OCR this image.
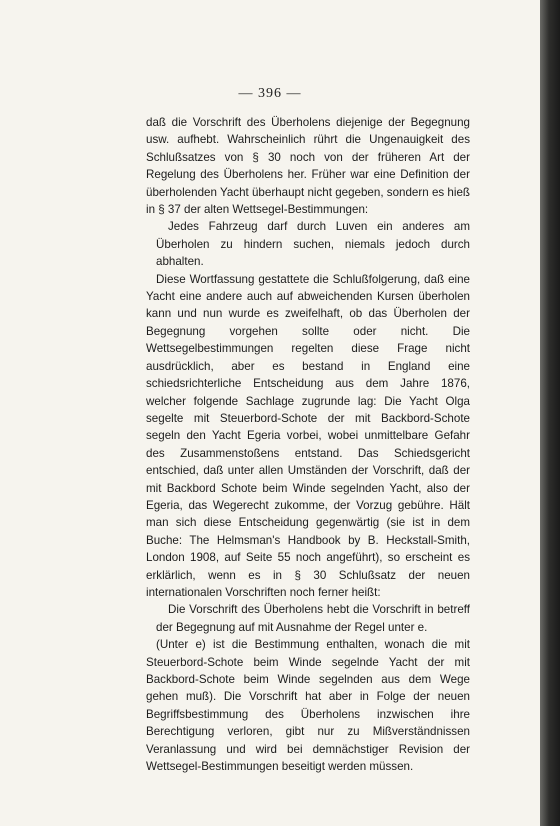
— 396 —

daß die Vorschrift des Überholens diejenige der Begegnung usw. aufhebt. Wahrscheinlich rührt die Ungenauigkeit des Schlußsatzes von § 30 noch von der früheren Art der Regelung des Überholens her. Früher war eine Definition der überholenden Yacht überhaupt nicht gegeben, sondern es hieß in § 37 der alten Wettsegel-Bestimmungen:

Jedes Fahrzeug darf durch Luven ein anderes am Überholen zu hindern suchen, niemals jedoch durch abhalten.

Diese Wortfassung gestattete die Schlußfolgerung, daß eine Yacht eine andere auch auf abweichenden Kursen überholen kann und nun wurde es zweifelhaft, ob das Überholen der Begegnung vorgehen sollte oder nicht. Die Wettsegelbestimmungen regelten diese Frage nicht ausdrücklich, aber es bestand in England eine schiedsrichterliche Entscheidung aus dem Jahre 1876, welcher folgende Sachlage zugrunde lag: Die Yacht Olga segelte mit Steuerbord-Schote der mit Backbord-Schote segeln den Yacht Egeria vorbei, wobei unmittelbare Gefahr des Zusammenstoßens entstand. Das Schiedsgericht entschied, daß unter allen Umständen der Vorschrift, daß der mit Backbord Schote beim Winde segelnden Yacht, also der Egeria, das Wegerecht zukomme, der Vorzug gebühre. Hält man sich diese Entscheidung gegenwärtig (sie ist in dem Buche: The Helmsman's Handbook by B. Heckstall-Smith, London 1908, auf Seite 55 noch angeführt), so erscheint es erklärlich, wenn es in § 30 Schlußsatz der neuen internationalen Vorschriften noch ferner heißt:

Die Vorschrift des Überholens hebt die Vorschrift in betreff der Begegnung auf mit Ausnahme der Regel unter e.

(Unter e) ist die Bestimmung enthalten, wonach die mit Steuerbord-Schote beim Winde segelnde Yacht der mit Backbord-Schote beim Winde segelnden aus dem Wege gehen muß). Die Vorschrift hat aber in Folge der neuen Begriffsbestimmung des Überholens inzwischen ihre Berechtigung verloren, gibt nur zu Mißverständnissen Veranlassung und wird bei demnächstiger Revision der Wettsegel-Bestimmungen beseitigt werden müssen.
